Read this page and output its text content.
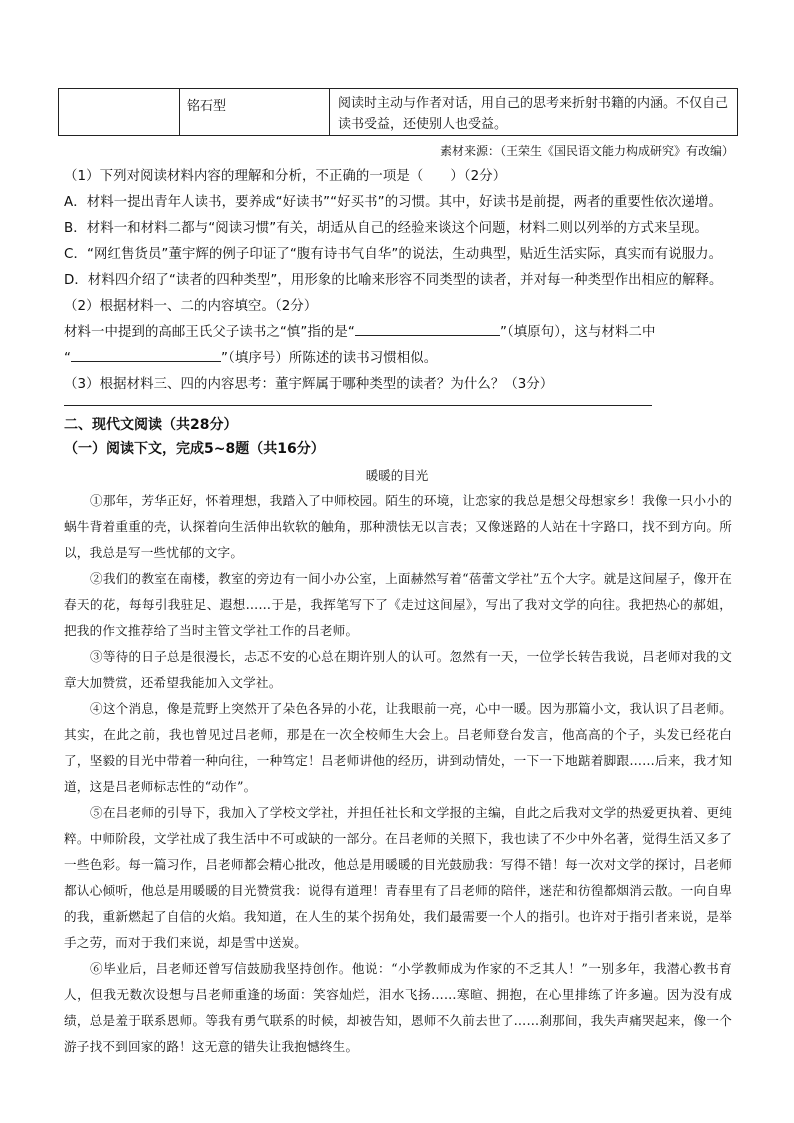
铭石型	阅读时主动与作者对话，用自己的思考来折射书籍的内涵。不仅自己读书受益，还使别人也受益。
素材来源：（王荣生《国民语文能力构成研究》有改编）
（1）下列对阅读材料内容的理解和分析，不正确的一项是（　　）（2分）
A．材料一提出青年人读书，要养成“好读书”“好买书”的习惯。其中，好读书是前提，两者的重要性依次递增。
B．材料一和材料二都与“阅读习惯”有关，胡适从自己的经验来谈这个问题，材料二则以列举的方式来呈现。
C．“网红售货员”董宇辉的例子印证了“腹有诗书气自华”的说法，生动典型，贴近生活实际，真实而有说服力。
D．材料四介绍了“读者的四种类型”，用形象的比喻来形容不同类型的读者，并对每一种类型作出相应的解释。
（2）根据材料一、二的内容填空。（2分）
材料一中提到的高邮王氏父子读书之“慎”指的是“	”（填原句），这与材料二中
“	”（填序号）所陈述的读书习惯相似。
（3）根据材料三、四的内容思考：董宇辉属于哪种类型的读者？为什么？（3分）
二、现代文阅读（共28分）
（一）阅读下文，完成5~8题（共16分）
暖暖的目光
①那年，芳华正好，怀着理想，我踏入了中师校园。陌生的环境，让恋家的我总是想父母想家乡！我像一只小小的蜗牛背着重重的壳，认探着向生活伸出软软的触角，那种溃怯无以言表；又像迷路的人站在十字路口，找不到方向。所以，我总是写一些忧郁的文字。
②我们的教室在南楼，教室的旁边有一间小办公室，上面赫然写着“蓓蕾文学社”五个大字。就是这间屋子，像开在春天的花，每每引我驻足、遐想……于是，我挥笔写下了《走过这间屋》，写出了我对文学的向往。我把热心的郝姐，把我的作文推荐给了当时主管文学社工作的吕老师。
③等待的日子总是很漫长，忐忑不安的心总在期许别人的认可。忽然有一天，一位学长转告我说，吕老师对我的文章大加赞赏，还希望我能加入文学社。
④这个消息，像是荒野上突然开了朵色各异的小花，让我眼前一亮，心中一暖。因为那篇小文，我认识了吕老师。其实，在此之前，我也曾见过吕老师，那是在一次全校师生大会上。吕老师登台发言，他高高的个子，头发已经花白了，坚毅的目光中带着一种向往，一种笃定！吕老师讲他的经历，讲到动情处，一下一下地踮着脚跟……后来，我才知道，这是吕老师标志性的“动作”。
⑤在吕老师的引导下，我加入了学校文学社，并担任社长和文学报的主编，自此之后我对文学的热爱更执着、更纯粹。中师阶段，文学社成了我生活中不可或缺的一部分。在吕老师的关照下，我也读了不少中外名著，觉得生活又多了一些色彩。每一篇习作，吕老师都会精心批改，他总是用暖暖的目光鼓励我：写得不错！每一次对文学的探讨，吕老师都认心倾听，他总是用暖暖的目光赞赏我：说得有道理！青春里有了吕老师的陪伴，迷茫和彷徨都烟消云散。一向自卑的我，重新燃起了自信的火焰。我知道，在人生的某个拐角处，我们最需要一个人的指引。也许对于指引者来说，是举手之劳，而对于我们来说，却是雪中送炭。
⑥毕业后，吕老师还曾写信鼓励我坚持创作。他说：“小学教师成为作家的不乏其人！”一别多年，我潜心教书育人，但我无数次设想与吕老师重逢的场面：笑容灿烂，泪水飞扬……寒暄、拥抱，在心里排练了许多遍。因为没有成绩，总是羞于联系恩师。等我有勇气联系的时候，却被告知，恩师不久前去世了……刹那间，我失声痛哭起来，像一个游子找不到回家的路！这无意的错失让我抱憾终生。
